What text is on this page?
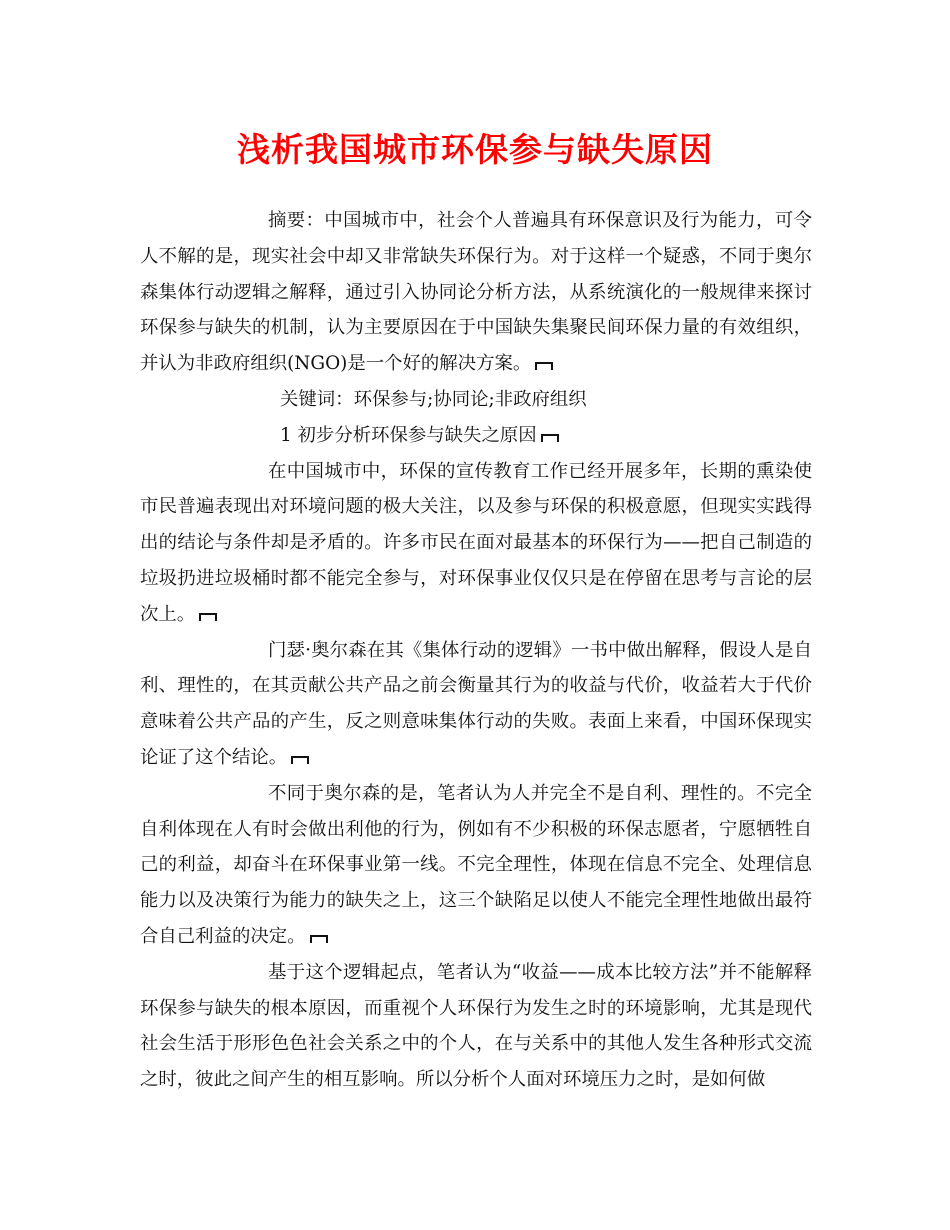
浅析我国城市环保参与缺失原因

摘要：中国城市中，社会个人普遍具有环保意识及行为能力，可令人不解的是，现实社会中却又非常缺失环保行为。对于这样一个疑惑，不同于奥尔森集体行动逻辑之解释，通过引入协同论分析方法，从系统演化的一般规律来探讨环保参与缺失的机制，认为主要原因在于中国缺失集聚民间环保力量的有效组织，并认为非政府组织(NGO)是一个好的解决方案。

关键词：环保参与;协同论;非政府组织

1 初步分析环保参与缺失之原因

在中国城市中，环保的宣传教育工作已经开展多年，长期的熏染使市民普遍表现出对环境问题的极大关注，以及参与环保的积极意愿，但现实实践得出的结论与条件却是矛盾的。许多市民在面对最基本的环保行为——把自己制造的垃圾扔进垃圾桶时都不能完全参与，对环保事业仅仅只是在停留在思考与言论的层次上。

门瑟·奥尔森在其《集体行动的逻辑》一书中做出解释，假设人是自利、理性的，在其贡献公共产品之前会衡量其行为的收益与代价，收益若大于代价意味着公共产品的产生，反之则意味集体行动的失败。表面上来看，中国环保现实论证了这个结论。

不同于奥尔森的是，笔者认为人并完全不是自利、理性的。不完全自利体现在人有时会做出利他的行为，例如有不少积极的环保志愿者，宁愿牺牲自己的利益，却奋斗在环保事业第一线。不完全理性，体现在信息不完全、处理信息能力以及决策行为能力的缺失之上，这三个缺陷足以使人不能完全理性地做出最符合自己利益的决定。

基于这个逻辑起点，笔者认为“收益——成本比较方法”并不能解释环保参与缺失的根本原因，而重视个人环保行为发生之时的环境影响，尤其是现代社会生活于形形色色社会关系之中的个人，在与关系中的其他人发生各种形式交流之时，彼此之间产生的相互影响。所以分析个人面对环境压力之时，是如何做
